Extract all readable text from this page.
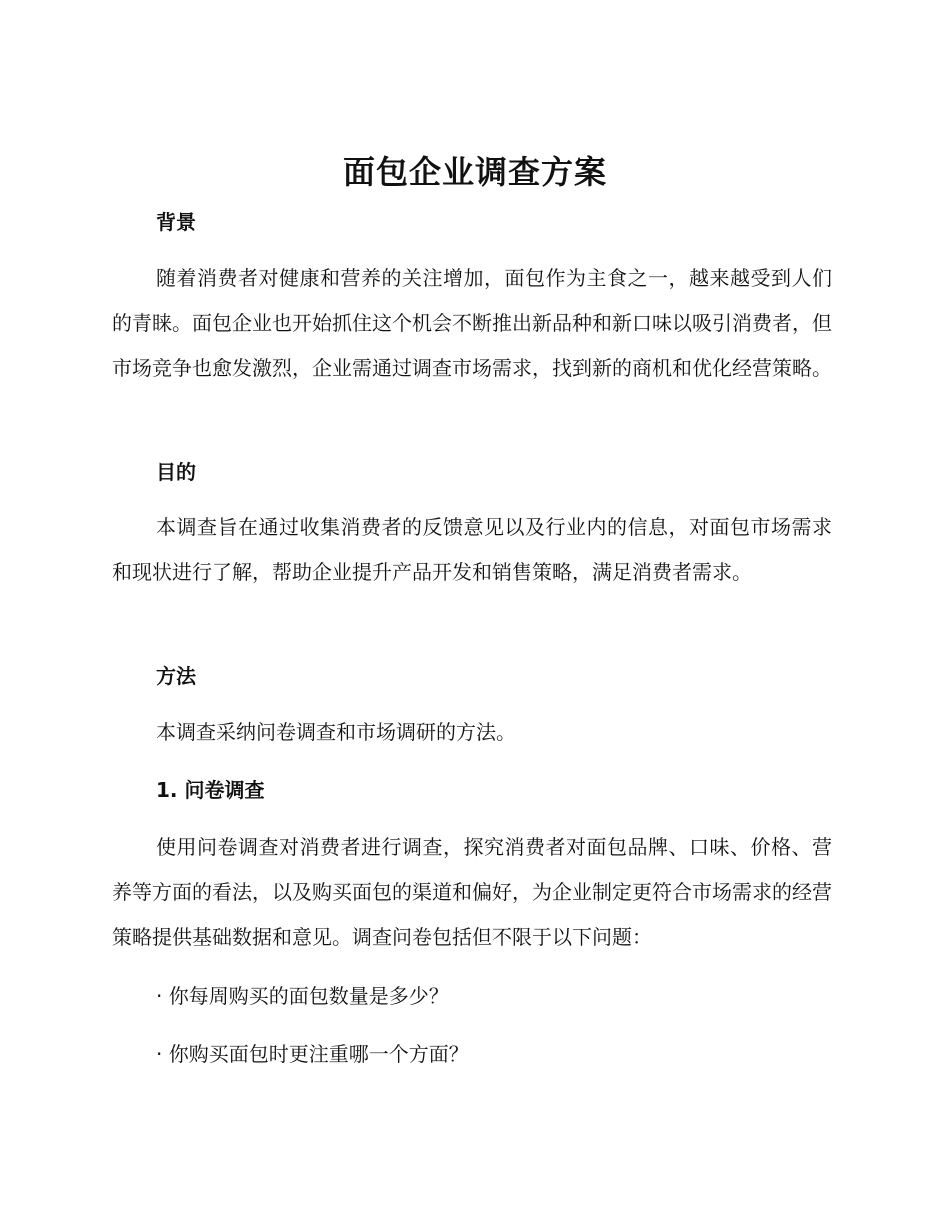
面包企业调查方案
背景

随着消费者对健康和营养的关注增加，面包作为主食之一，越来越受到人们的青睐。面包企业也开始抓住这个机会不断推出新品种和新口味以吸引消费者，但市场竞争也愈发激烈，企业需通过调查市场需求，找到新的商机和优化经营策略。

目的

本调查旨在通过收集消费者的反馈意见以及行业内的信息，对面包市场需求和现状进行了解，帮助企业提升产品开发和销售策略，满足消费者需求。

方法

本调查采纳问卷调查和市场调研的方法。

1. 问卷调查

使用问卷调查对消费者进行调查，探究消费者对面包品牌、口味、价格、营养等方面的看法，以及购买面包的渠道和偏好，为企业制定更符合市场需求的经营策略提供基础数据和意见。调查问卷包括但不限于以下问题：

· 你每周购买的面包数量是多少？
· 你购买面包时更注重哪一个方面？
